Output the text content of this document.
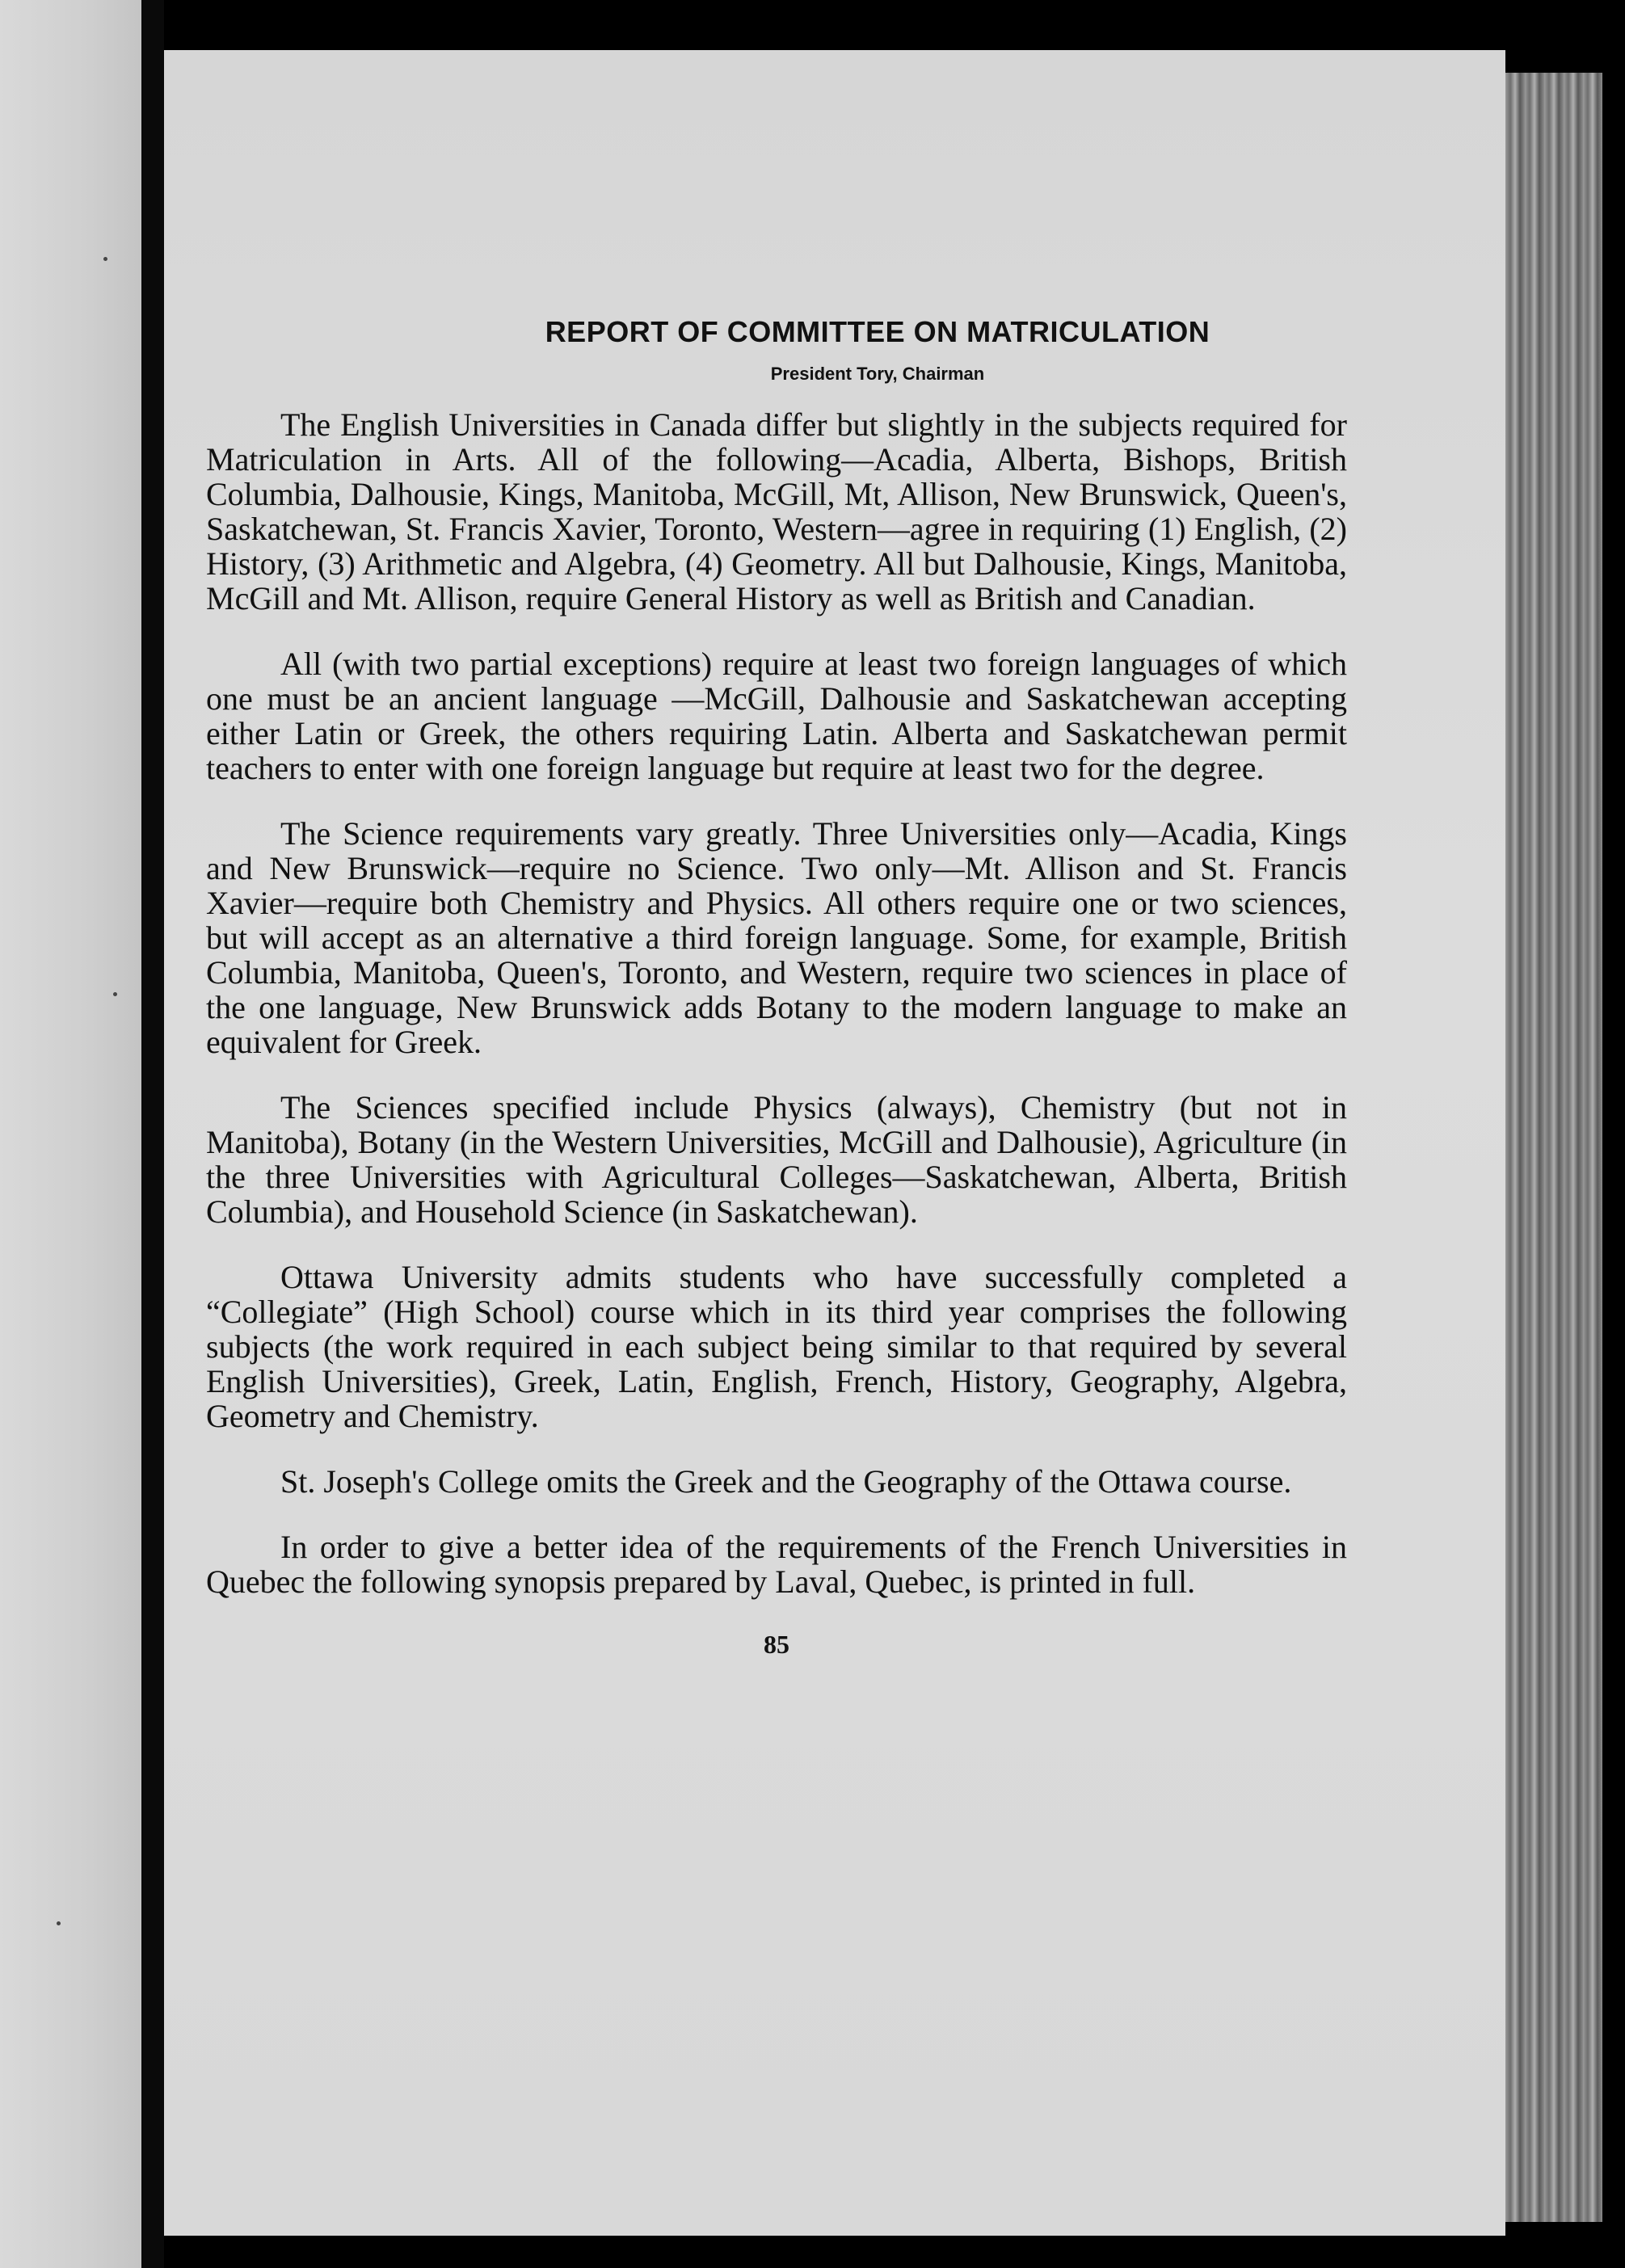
REPORT OF COMMITTEE ON MATRICULATION
President Tory, Chairman

The English Universities in Canada differ but slightly in the subjects required for Matriculation in Arts. All of the following—Acadia, Alberta, Bishops, British Columbia, Dalhousie, Kings, Manitoba, McGill, Mt, Allison, New Brunswick, Queen's, Saskatchewan, St. Francis Xavier, Toronto, Western—agree in requiring (1) English, (2) History, (3) Arithmetic and Algebra, (4) Geometry. All but Dalhousie, Kings, Manitoba, McGill and Mt. Allison, require General History as well as British and Canadian.

All (with two partial exceptions) require at least two foreign languages of which one must be an ancient language —McGill, Dalhousie and Saskatchewan accepting either Latin or Greek, the others requiring Latin. Alberta and Saskatchewan permit teachers to enter with one foreign language but require at least two for the degree.

The Science requirements vary greatly. Three Universities only—Acadia, Kings and New Brunswick—require no Science. Two only—Mt. Allison and St. Francis Xavier—require both Chemistry and Physics. All others require one or two sciences, but will accept as an alternative a third foreign language. Some, for example, British Columbia, Manitoba, Queen's, Toronto, and Western, require two sciences in place of the one language, New Brunswick adds Botany to the modern language to make an equivalent for Greek.

The Sciences specified include Physics (always), Chemistry (but not in Manitoba), Botany (in the Western Universities, McGill and Dalhousie), Agriculture (in the three Universities with Agricultural Colleges—Saskatchewan, Alberta, British Columbia), and Household Science (in Saskatchewan).

Ottawa University admits students who have successfully completed a “Collegiate” (High School) course which in its third year comprises the following subjects (the work required in each subject being similar to that required by several English Universities), Greek, Latin, English, French, History, Geography, Algebra, Geometry and Chemistry.

St. Joseph's College omits the Greek and the Geography of the Ottawa course.

In order to give a better idea of the requirements of the French Universities in Quebec the following synopsis prepared by Laval, Quebec, is printed in full.

85
